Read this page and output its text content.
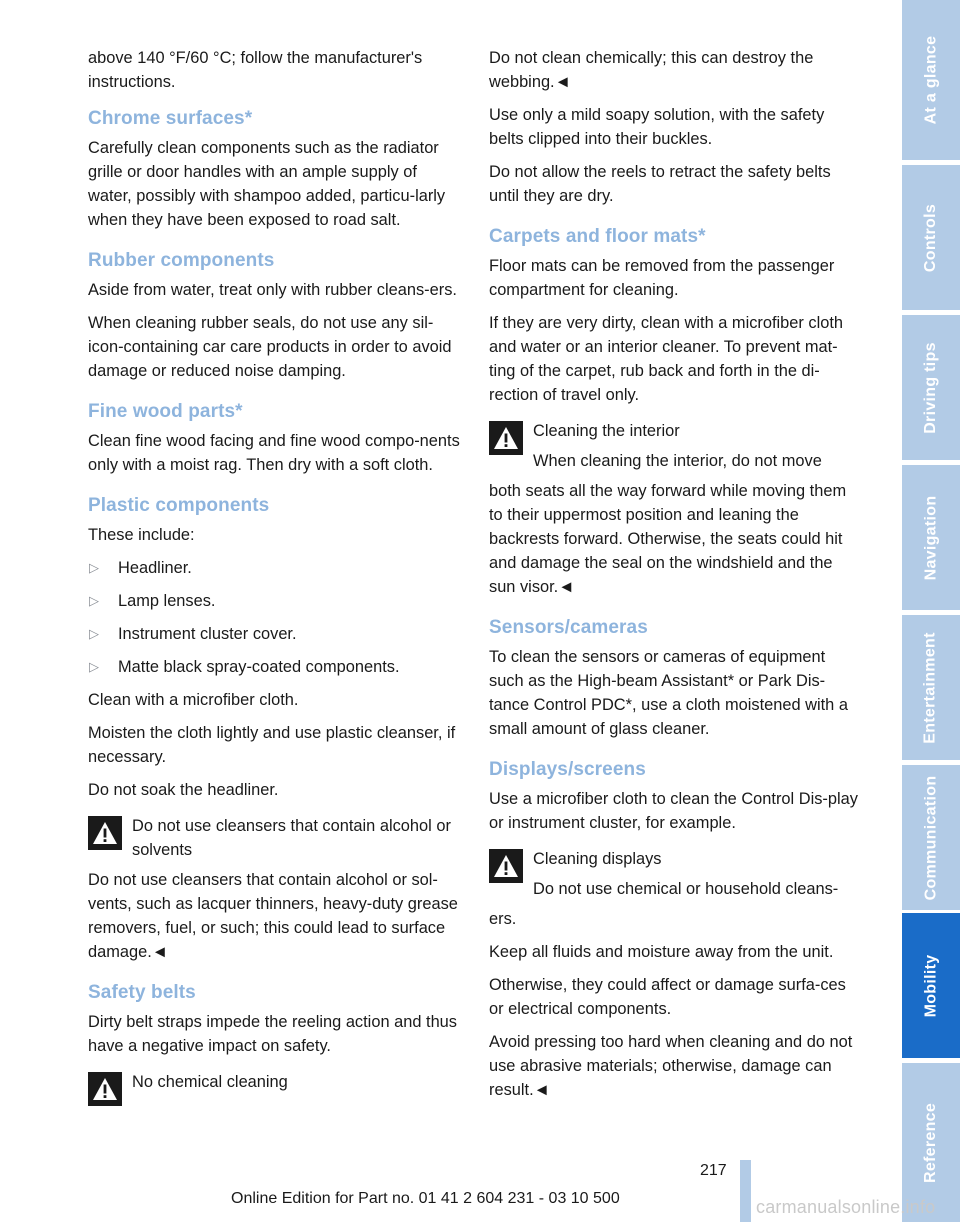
above 140 °F/60 °C; follow the manufacturer's instructions.

Chrome surfaces*

Carefully clean components such as the radiator grille or door handles with an ample supply of water, possibly with shampoo added, particu-larly when they have been exposed to road salt.

Rubber components

Aside from water, treat only with rubber cleans-ers.

When cleaning rubber seals, do not use any sil-icon-containing car care products in order to avoid damage or reduced noise damping.

Fine wood parts*

Clean fine wood facing and fine wood compo-nents only with a moist rag. Then dry with a soft cloth.

Plastic components

These include:

▷	Headliner.
▷	Lamp lenses.
▷	Instrument cluster cover.
▷	Matte black spray-coated components.

Clean with a microfiber cloth.

Moisten the cloth lightly and use plastic cleanser, if necessary.

Do not soak the headliner.

Do not use cleansers that contain alcohol or solvents

Do not use cleansers that contain alcohol or sol-vents, such as lacquer thinners, heavy-duty grease removers, fuel, or such; this could lead to surface damage.◄

Safety belts

Dirty belt straps impede the reeling action and thus have a negative impact on safety.

No chemical cleaning

Do not clean chemically; this can destroy the webbing.◄

Use only a mild soapy solution, with the safety belts clipped into their buckles.

Do not allow the reels to retract the safety belts until they are dry.

Carpets and floor mats*

Floor mats can be removed from the passenger compartment for cleaning.

If they are very dirty, clean with a microfiber cloth and water or an interior cleaner. To prevent mat-ting of the carpet, rub back and forth in the di-rection of travel only.

Cleaning the interior

When cleaning the interior, do not move

both seats all the way forward while moving them to their uppermost position and leaning the backrests forward. Otherwise, the seats could hit and damage the seal on the windshield and the sun visor.◄

Sensors/cameras

To clean the sensors or cameras of equipment such as the High-beam Assistant* or Park Dis-tance Control PDC*, use a cloth moistened with a small amount of glass cleaner.

Displays/screens

Use a microfiber cloth to clean the Control Dis-play or instrument cluster, for example.

Cleaning displays

Do not use chemical or household cleans-

ers.

Keep all fluids and moisture away from the unit.

Otherwise, they could affect or damage surfa-ces or electrical components.

Avoid pressing too hard when cleaning and do not use abrasive materials; otherwise, damage can result.◄

At a glance
Controls
Driving tips
Navigation
Entertainment
Communication
Mobility
Reference
217
Online Edition for Part no. 01 41 2 604 231 - 03 10 500	carmanualsonline.info
